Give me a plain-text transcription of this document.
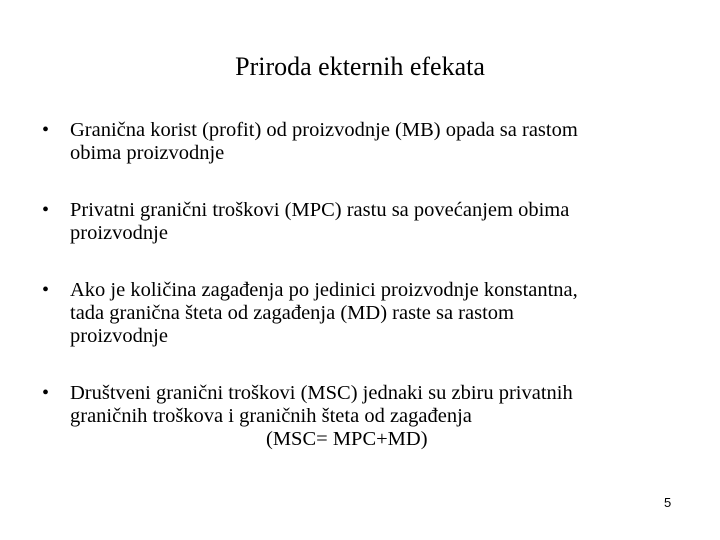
Priroda ekternih efekata
• Granična korist (profit) od proizvodnje (MB) opada sa rastom
obima proizvodnje
• Privatni granični troškovi (MPC) rastu sa povećanjem obima
proizvodnje
• Ako je količina zagađenja po jedinici proizvodnje konstantna,
tada granična šteta od zagađenja (MD) raste sa rastom
proizvodnje
• Društveni granični troškovi (MSC) jednaki su zbiru privatnih
graničnih troškova i graničnih šteta od zagađenja
(MSC= MPC+MD)
5
